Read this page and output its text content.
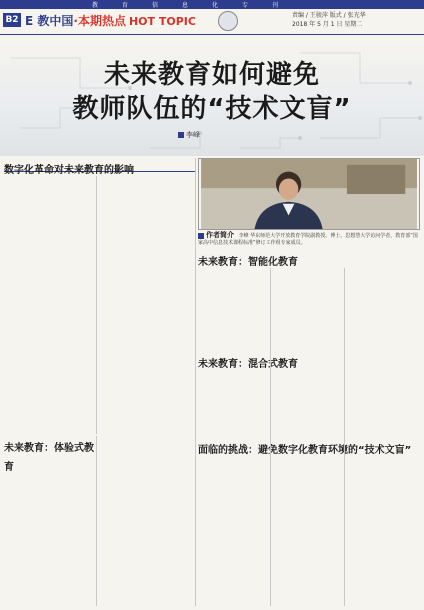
教	育	信	息	化	专	刊
B2 E 教中国·本期热点 HOT TOPIC	责编 / 王骏萍 版式 / 张光华
2018 年 5 月 1 日 星期二
未来教育如何避免
教师队伍的“技术文盲”
李峰
数字化革命对未来教育的影响

作者简介 李峰 华东师范大学开放教育学院副教授、博士、思想慧大学访问学者，教育部“国家高中信息技术课程标准”修订工作组专家成员。
未来教育：智能化教育

未来教育：混合式教育

未来教育：体验式教育

面临的挑战：避免数字化教育环境的“技术文盲”
